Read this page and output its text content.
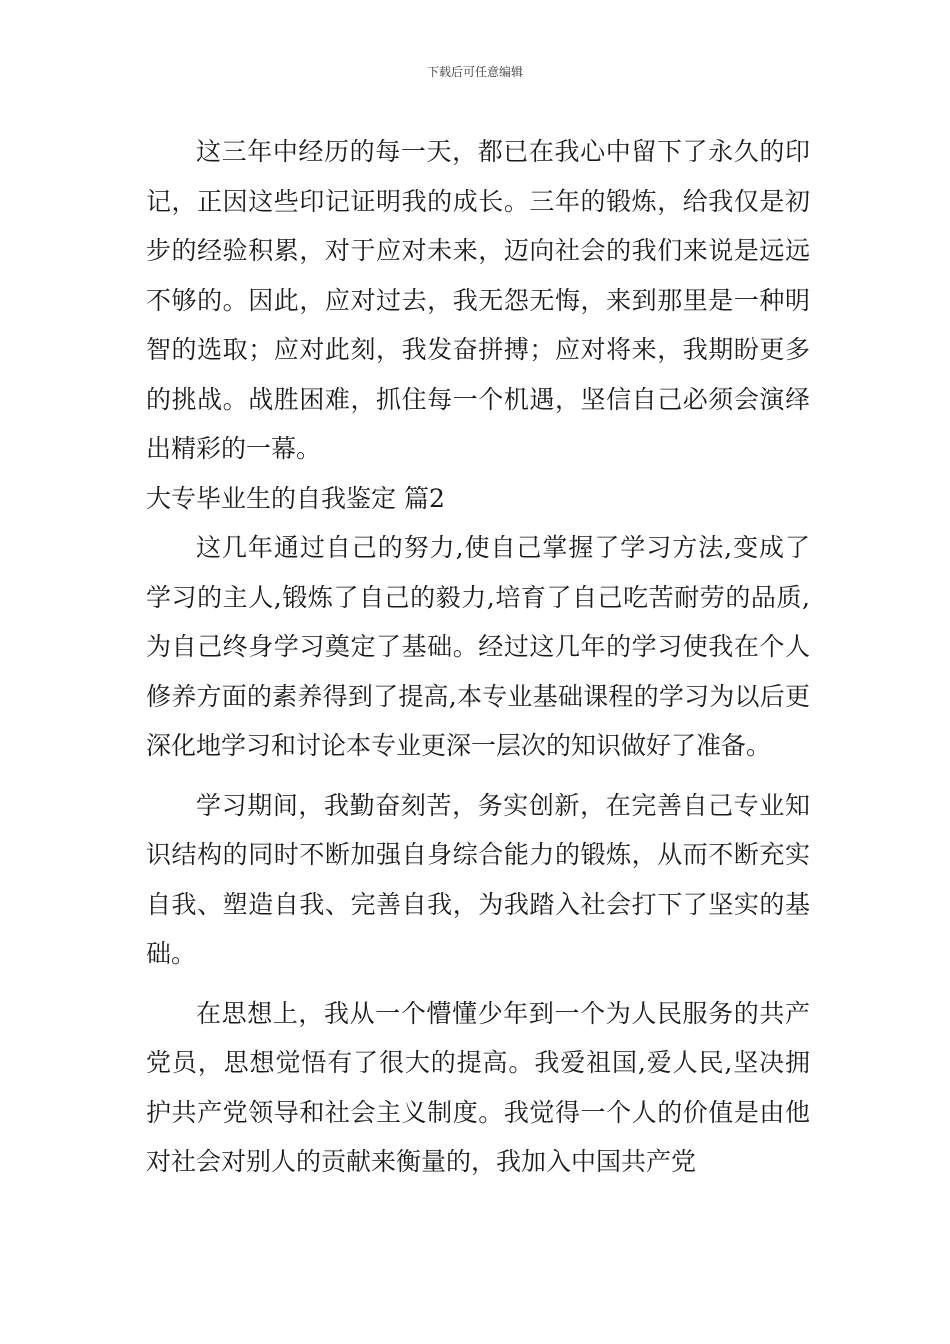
下载后可任意编辑

这三年中经历的每一天，都已在我心中留下了永久的印记，正因这些印记证明我的成长。三年的锻炼，给我仅是初步的经验积累，对于应对未来，迈向社会的我们来说是远远不够的。因此，应对过去，我无怨无悔，来到那里是一种明智的选取；应对此刻，我发奋拼搏；应对将来，我期盼更多的挑战。战胜困难，抓住每一个机遇，坚信自己必须会演绎出精彩的一幕。

大专毕业生的自我鉴定 篇2

这几年通过自己的努力,使自己掌握了学习方法,变成了学习的主人,锻炼了自己的毅力,培育了自己吃苦耐劳的品质,为自己终身学习奠定了基础。经过这几年的学习使我在个人修养方面的素养得到了提高,本专业基础课程的学习为以后更深化地学习和讨论本专业更深一层次的知识做好了准备。

学习期间，我勤奋刻苦，务实创新，在完善自己专业知识结构的同时不断加强自身综合能力的锻炼，从而不断充实自我、塑造自我、完善自我，为我踏入社会打下了坚实的基础。

在思想上，我从一个懵懂少年到一个为人民服务的共产党员，思想觉悟有了很大的提高。我爱祖国,爱人民,坚决拥护共产党领导和社会主义制度。我觉得一个人的价值是由他对社会对别人的贡献来衡量的，我加入中国共产党
